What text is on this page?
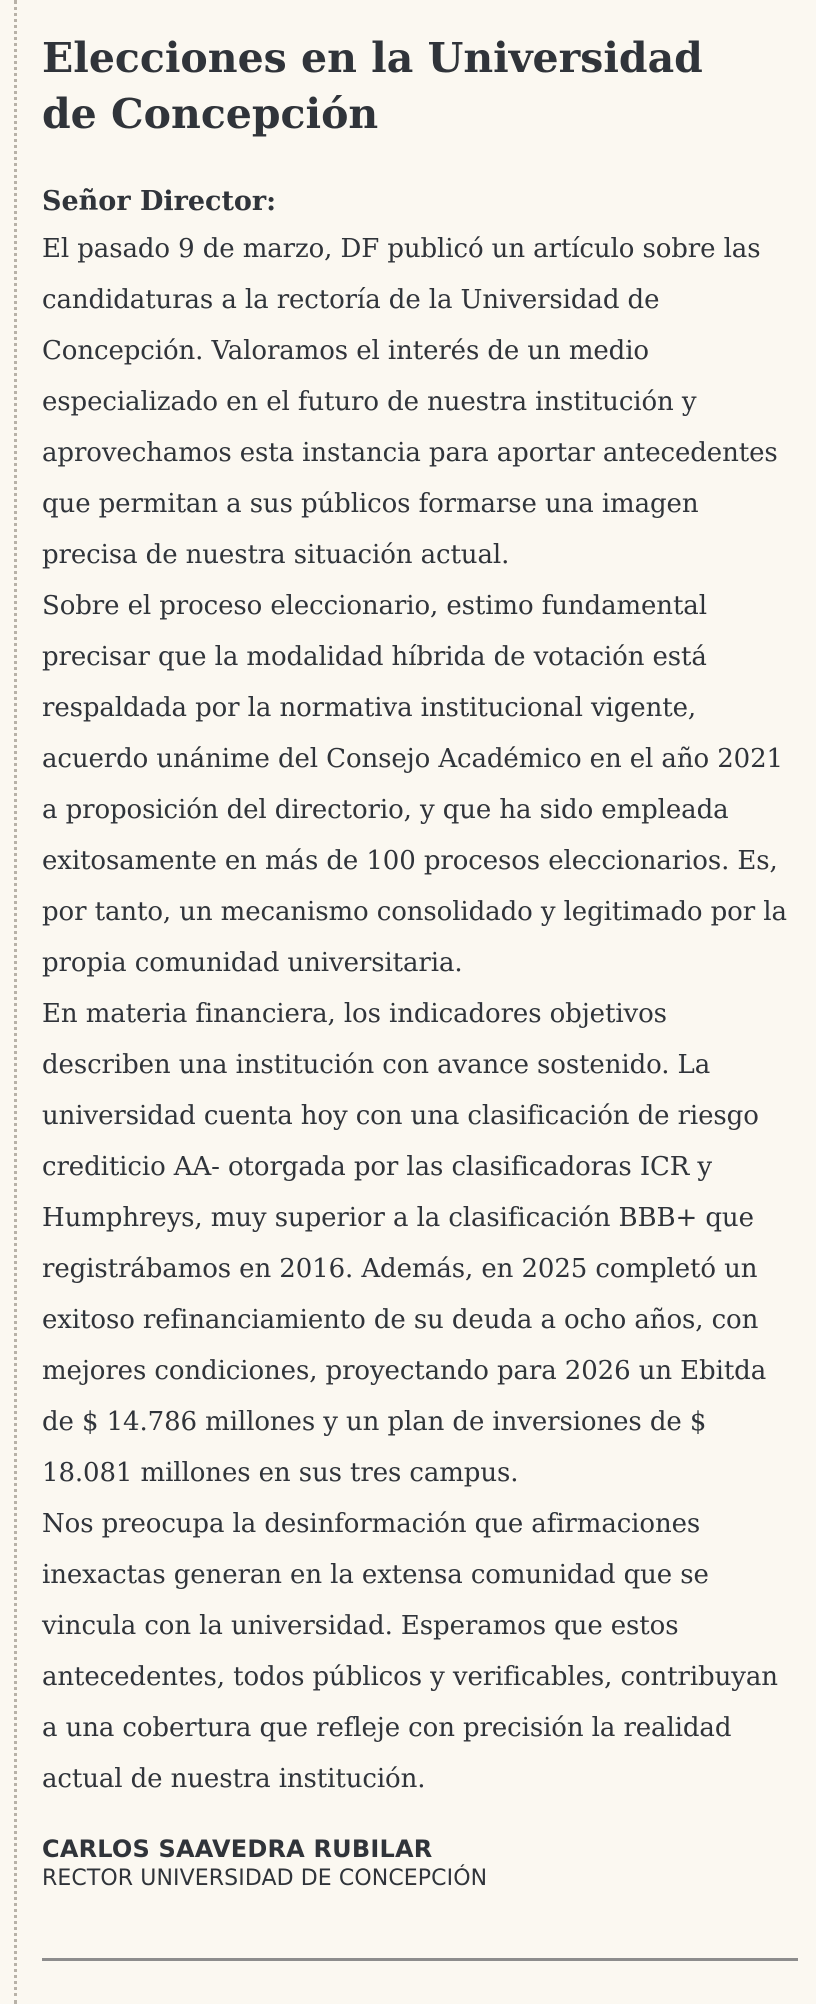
Elecciones en la Universidad
de Concepción

Señor Director:

El pasado 9 de marzo, DF publicó un artículo sobre las candidaturas a la rectoría de la Universidad de Concepción. Valoramos el interés de un medio especializado en el futuro de nuestra institución y aprovechamos esta instancia para aportar antecedentes que permitan a sus públicos formarse una imagen precisa de nuestra situación actual.

Sobre el proceso eleccionario, estimo fundamental precisar que la modalidad híbrida de votación está respaldada por la normativa institucional vigente, acuerdo unánime del Consejo Académico en el año 2021 a proposición del directorio, y que ha sido empleada exitosamente en más de 100 procesos eleccionarios. Es, por tanto, un mecanismo consolidado y legitimado por la propia comunidad universitaria.

En materia financiera, los indicadores objetivos describen una institución con avance sostenido. La universidad cuenta hoy con una clasificación de riesgo crediticio AA- otorgada por las clasificadoras ICR y Humphreys, muy superior a la clasificación BBB+ que registrábamos en 2016. Además, en 2025 completó un exitoso refinanciamiento de su deuda a ocho años, con mejores condiciones, proyectando para 2026 un Ebitda de $ 14.786 millones y un plan de inversiones de $ 18.081 millones en sus tres campus.

Nos preocupa la desinformación que afirmaciones inexactas generan en la extensa comunidad que se vincula con la universidad. Esperamos que estos antecedentes, todos públicos y verificables, contribuyan a una cobertura que refleje con precisión la realidad actual de nuestra institución.

CARLOS SAAVEDRA RUBILAR
RECTOR UNIVERSIDAD DE CONCEPCIÓN
